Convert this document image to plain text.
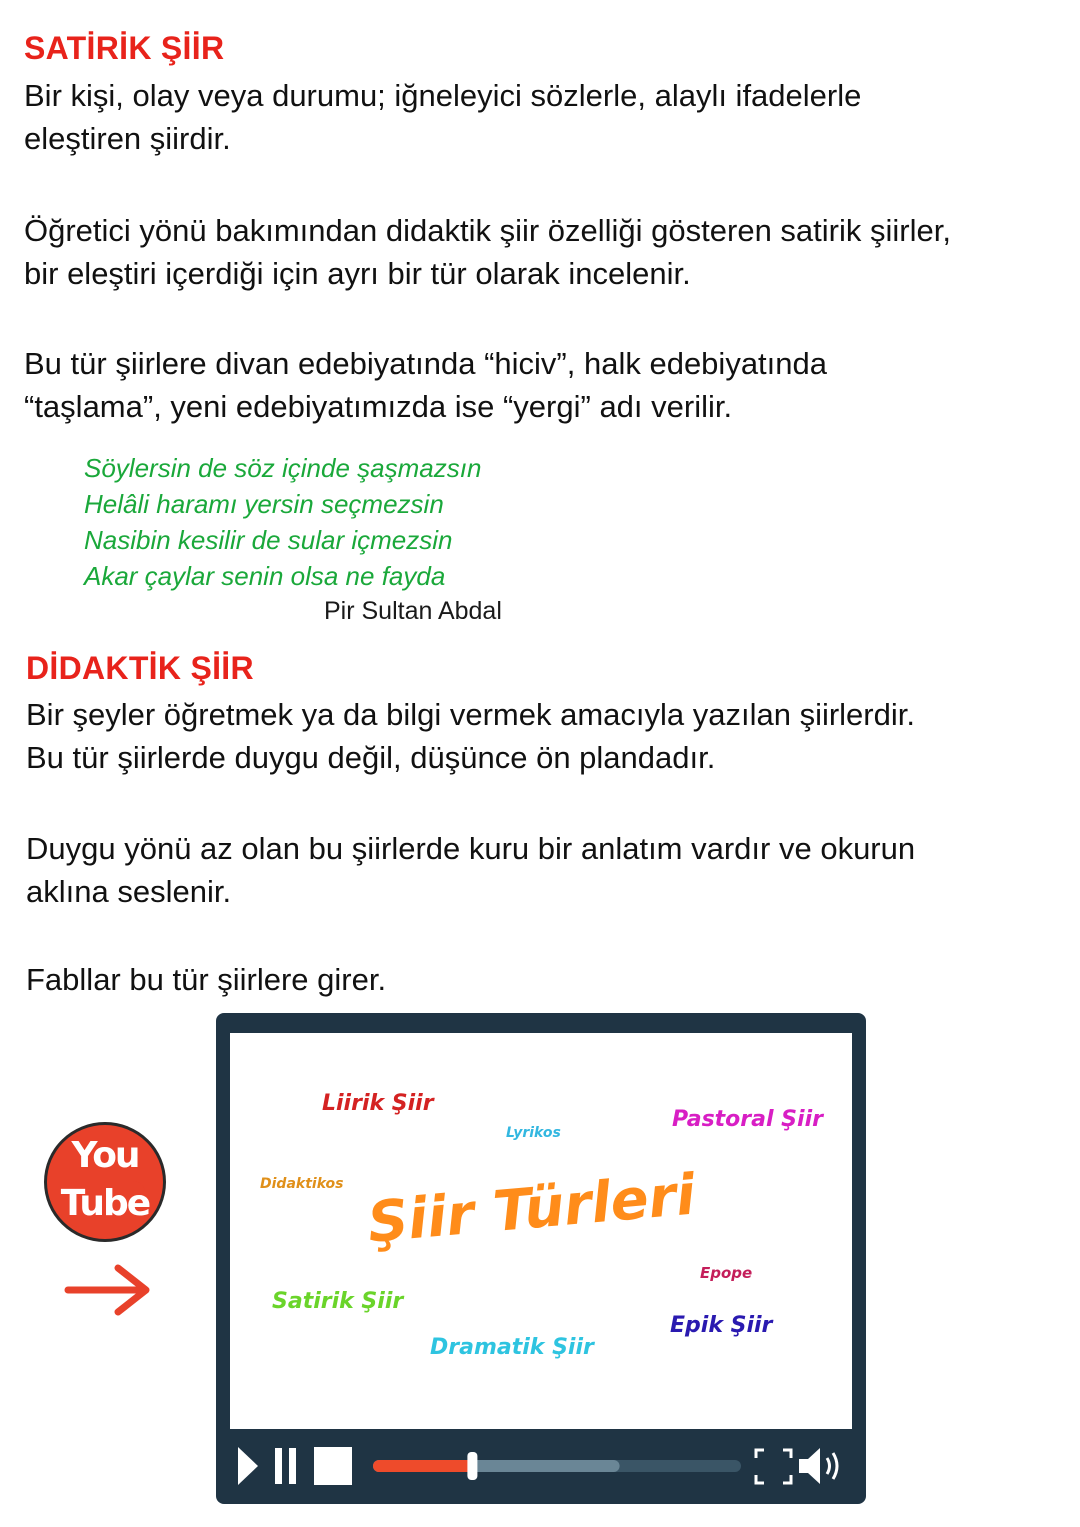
SATİRİK ŞİİR
Bir kişi, olay veya durumu; iğneleyici sözlerle, alaylı ifadelerle
eleştiren şiirdir.
Öğretici yönü bakımından didaktik şiir özelliği gösteren satirik şiirler,
bir eleştiri içerdiği için ayrı bir tür olarak incelenir.
Bu tür şiirlere divan edebiyatında “hiciv”, halk edebiyatında
“taşlama”, yeni edebiyatımızda ise “yergi” adı verilir.
Söylersin de söz içinde şaşmazsın
Helâli haramı yersin seçmezsin
Nasibin kesilir de sular içmezsin
Akar çaylar senin olsa ne fayda
Pir Sultan Abdal
DİDAKTİK ŞİİR
Bir şeyler öğretmek ya da bilgi vermek amacıyla yazılan şiirlerdir.
Bu tür şiirlerde duygu değil, düşünce ön plandadır.
Duygu yönü az olan bu şiirlerde kuru bir anlatım vardır ve okurun
aklına seslenir.
Fabllar bu tür şiirlere girer.
You
Tube
Liirik Şiir
Lyrikos
Pastoral Şiir
Didaktikos Şiir Türleri
Epope
Satirik Şiir
Epik Şiir
Dramatik Şiir
